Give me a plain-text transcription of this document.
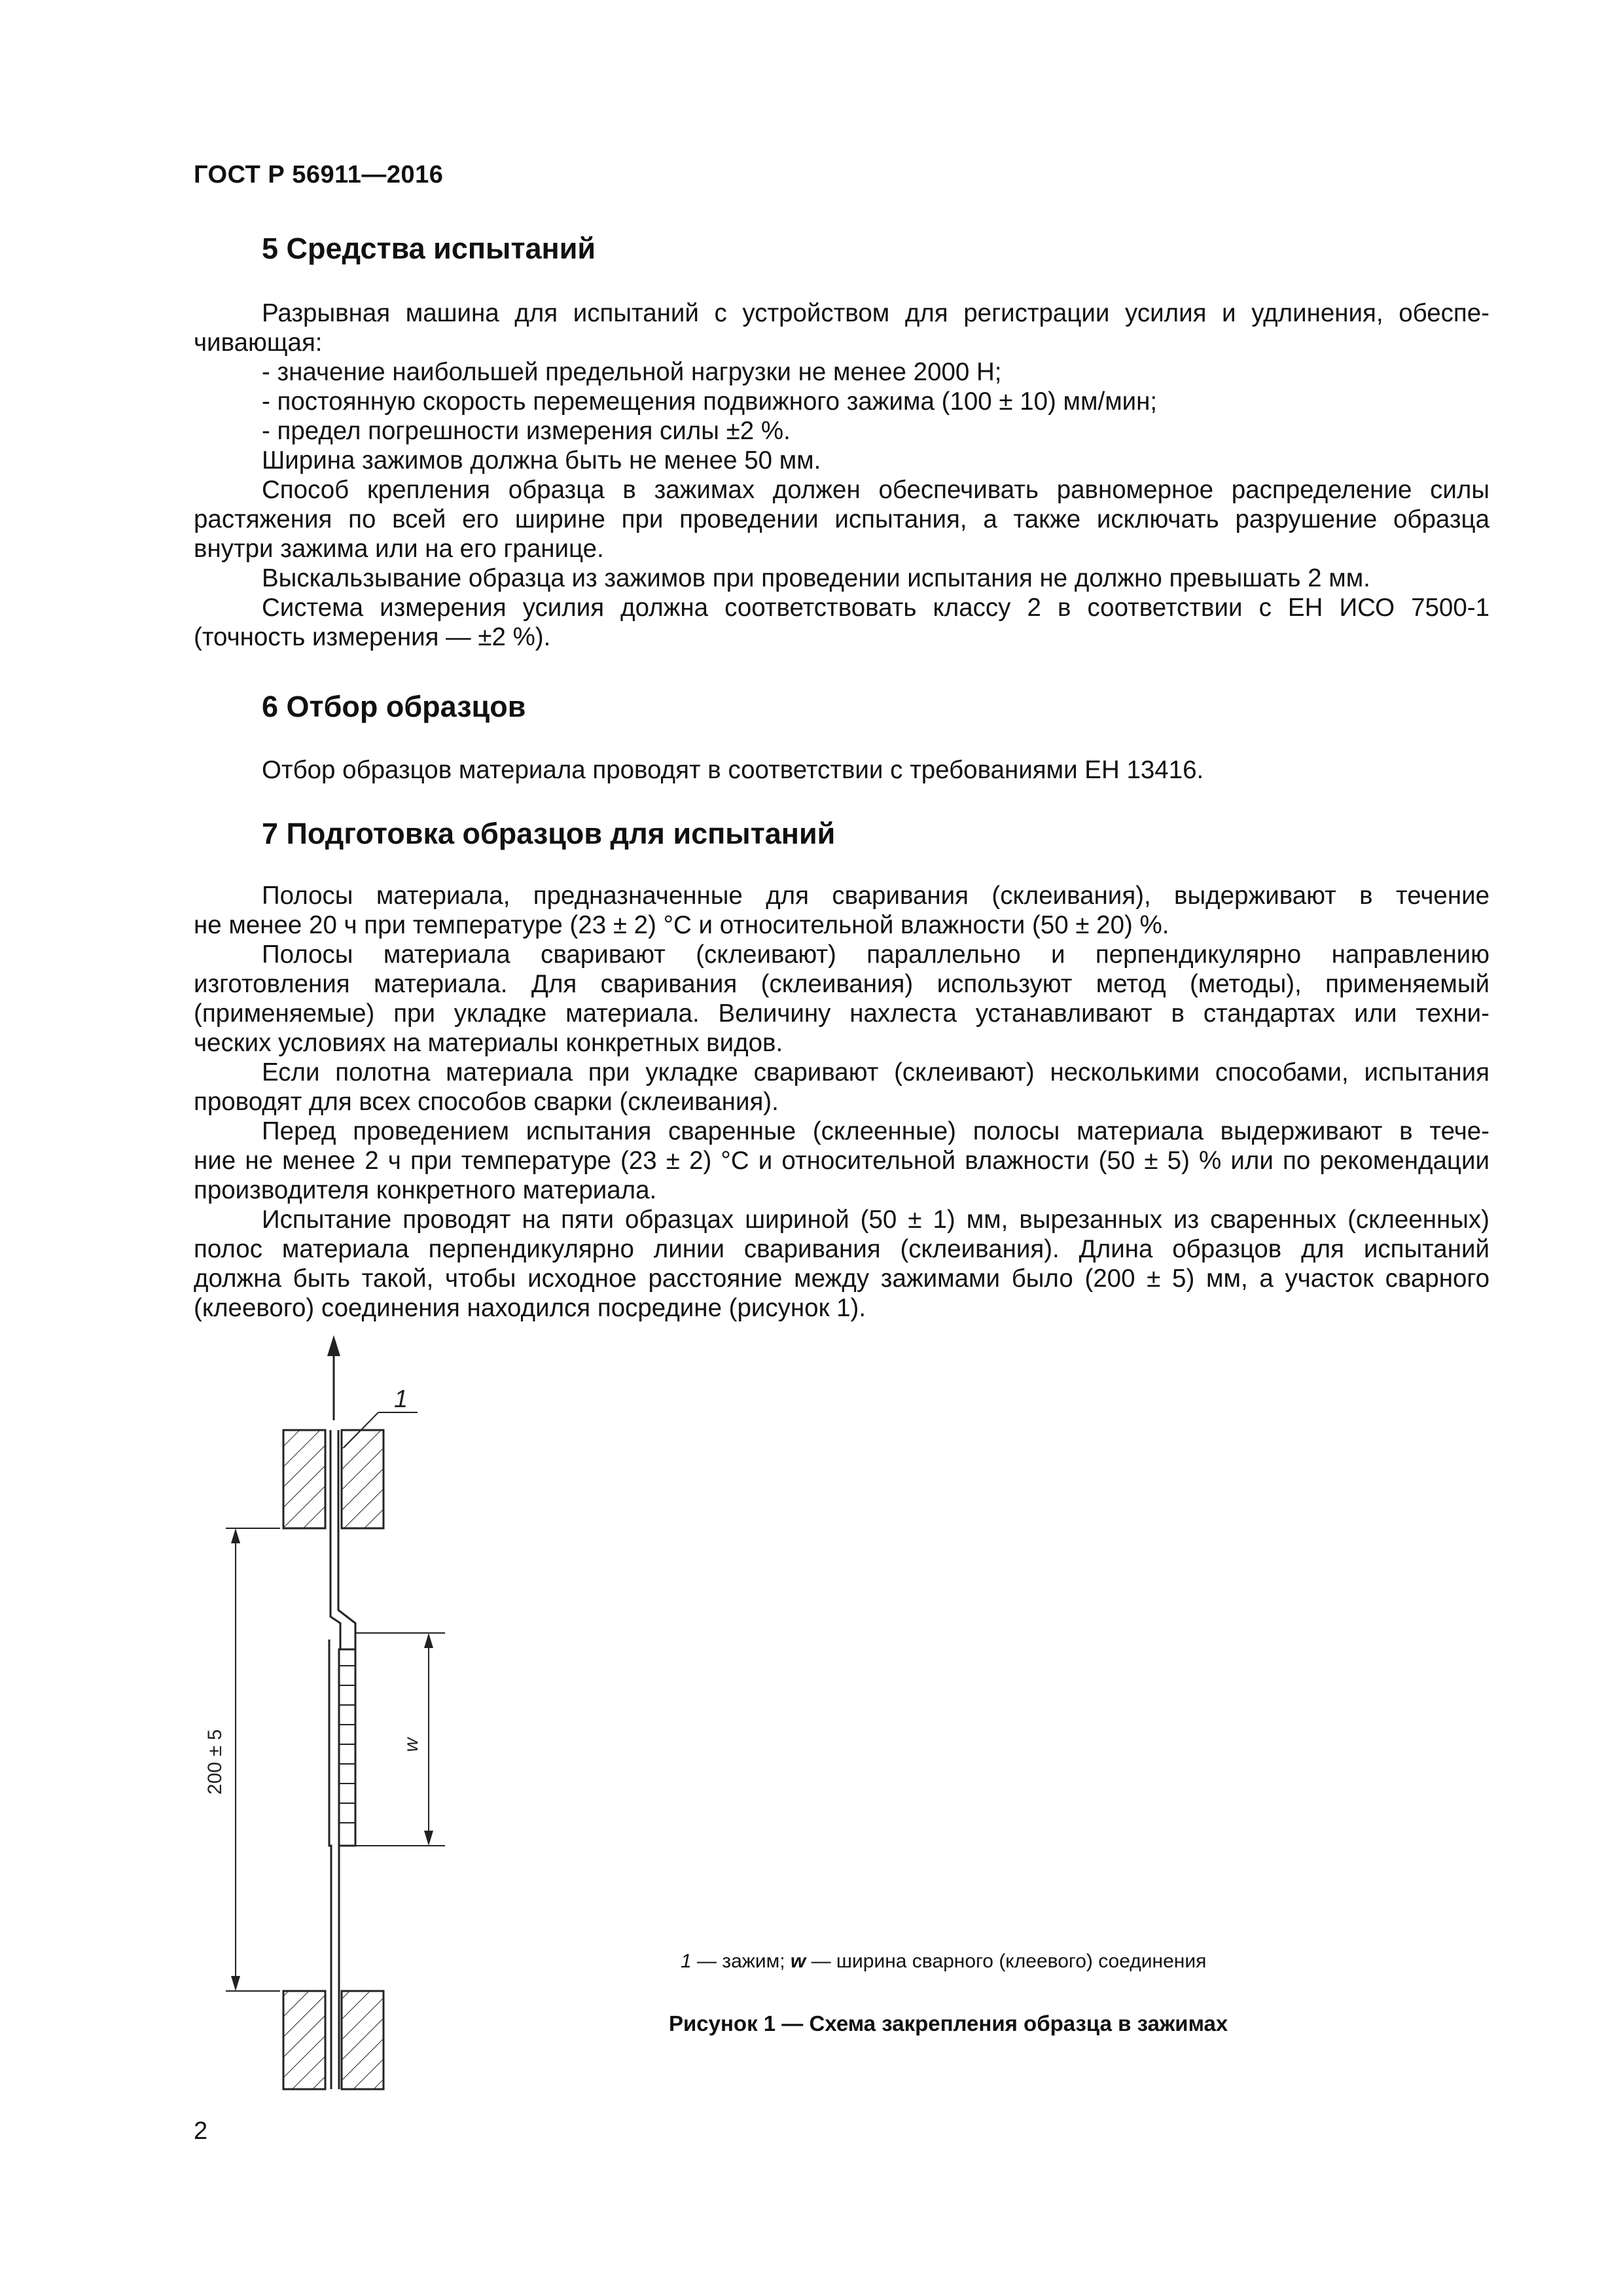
ГОСТ Р 56911—2016
5 Средства испытаний

Разрывная машина для испытаний с устройством для регистрации усилия и удлинения, обеспе-
чивающая:
- значение наибольшей предельной нагрузки не менее 2000 Н;
- постоянную скорость перемещения подвижного зажима (100 ± 10) мм/мин;
- предел погрешности измерения силы ±2 %.
Ширина зажимов должна быть не менее 50 мм.
Способ крепления образца в зажимах должен обеспечивать равномерное распределение силы
растяжения по всей его ширине при проведении испытания, а также исключать разрушение образца
внутри зажима или на его границе.
Выскальзывание образца из зажимов при проведении испытания не должно превышать 2 мм.
Система измерения усилия должна соответствовать классу 2 в соответствии с ЕН ИСО 7500-1
(точность измерения — ±2 %).

6 Отбор образцов

Отбор образцов материала проводят в соответствии с требованиями ЕН 13416.

7 Подготовка образцов для испытаний

Полосы материала, предназначенные для сваривания (склеивания), выдерживают в течение
не менее 20 ч при температуре (23 ± 2) °С и относительной влажности (50 ± 20) %.
Полосы материала сваривают (склеивают) параллельно и перпендикулярно направлению
изготовления материала. Для сваривания (склеивания) используют метод (методы), применяемый
(применяемые) при укладке материала. Величину нахлеста устанавливают в стандартах или техни-
ческих условиях на материалы конкретных видов.
Если полотна материала при укладке сваривают (склеивают) несколькими способами, испытания
проводят для всех способов сварки (склеивания).
Перед проведением испытания сваренные (склеенные) полосы материала выдерживают в тече-
ние не менее 2 ч при температуре (23 ± 2) °С и относительной влажности (50 ± 5) % или по рекомендации
производителя конкретного материала.
Испытание проводят на пяти образцах шириной (50 ± 1) мм, вырезанных из сваренных (склеенных)
полос материала перпендикулярно линии сваривания (склеивания). Длина образцов для испытаний
должна быть такой, чтобы исходное расстояние между зажимами было (200 ± 5) мм, а участок сварного
(клеевого) соединения находился посредине (рисунок 1).

w
200 ± 5
1
1 — зажим; w — ширина сварного (клеевого) соединения
Рисунок 1 — Схема закрепления образца в зажимах
2
